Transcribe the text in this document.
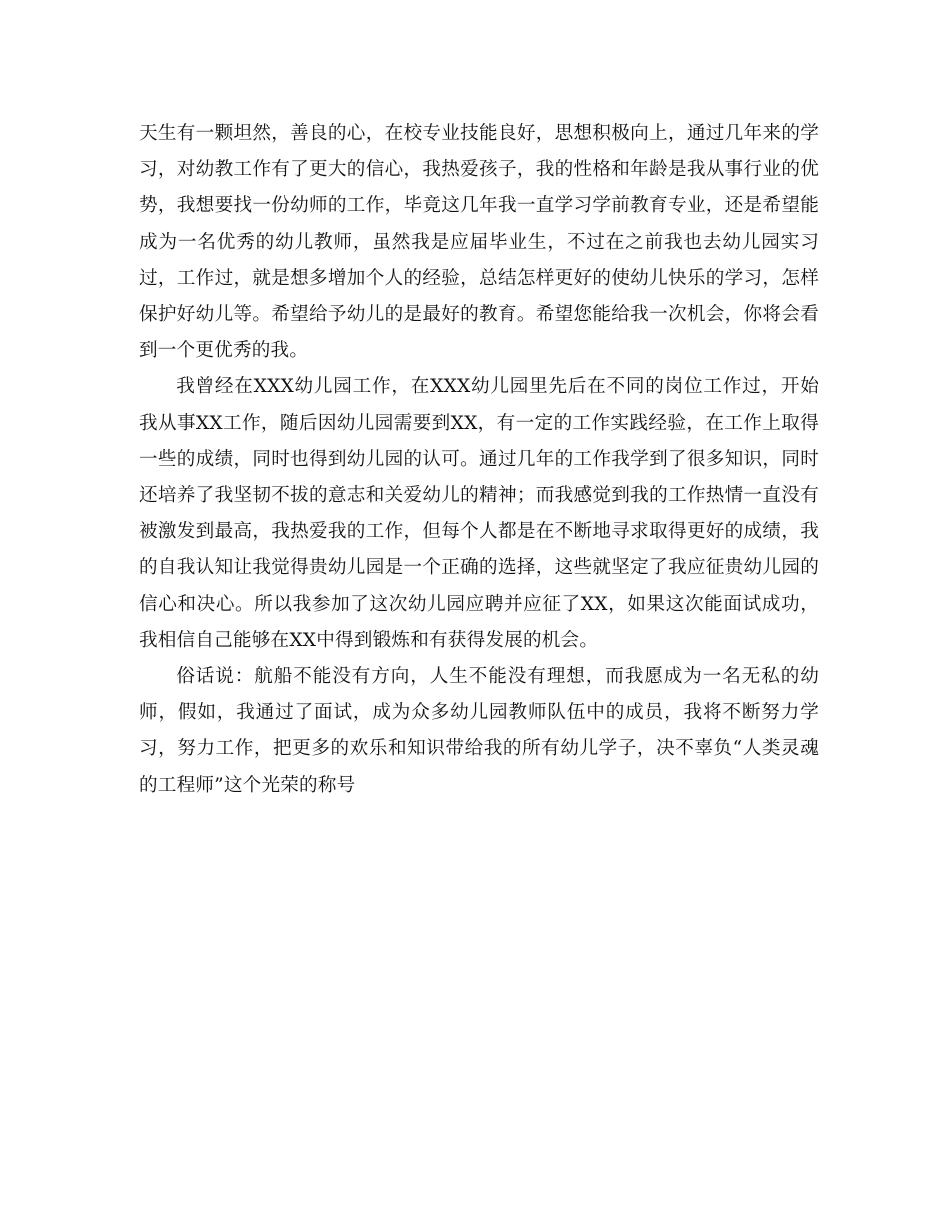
天生有一颗坦然，善良的心，在校专业技能良好，思想积极向上，通过几年来的学习，对幼教工作有了更大的信心，我热爱孩子，我的性格和年龄是我从事行业的优势，我想要找一份幼师的工作，毕竟这几年我一直学习学前教育专业，还是希望能成为一名优秀的幼儿教师，虽然我是应届毕业生，不过在之前我也去幼儿园实习过，工作过，就是想多增加个人的经验，总结怎样更好的使幼儿快乐的学习，怎样保护好幼儿等。希望给予幼儿的是最好的教育。希望您能给我一次机会，你将会看到一个更优秀的我。

我曾经在XXX幼儿园工作，在XXX幼儿园里先后在不同的岗位工作过，开始我从事XX工作，随后因幼儿园需要到XX，有一定的工作实践经验，在工作上取得一些的成绩，同时也得到幼儿园的认可。通过几年的工作我学到了很多知识，同时还培养了我坚韧不拔的意志和关爱幼儿的精神；而我感觉到我的工作热情一直没有被激发到最高，我热爱我的工作，但每个人都是在不断地寻求取得更好的成绩，我的自我认知让我觉得贵幼儿园是一个正确的选择，这些就坚定了我应征贵幼儿园的信心和决心。所以我参加了这次幼儿园应聘并应征了XX，如果这次能面试成功，我相信自己能够在XX中得到锻炼和有获得发展的机会。

俗话说：航船不能没有方向，人生不能没有理想，而我愿成为一名无私的幼师，假如，我通过了面试，成为众多幼儿园教师队伍中的成员，我将不断努力学习，努力工作，把更多的欢乐和知识带给我的所有幼儿学子，决不辜负“人类灵魂的工程师”这个光荣的称号
